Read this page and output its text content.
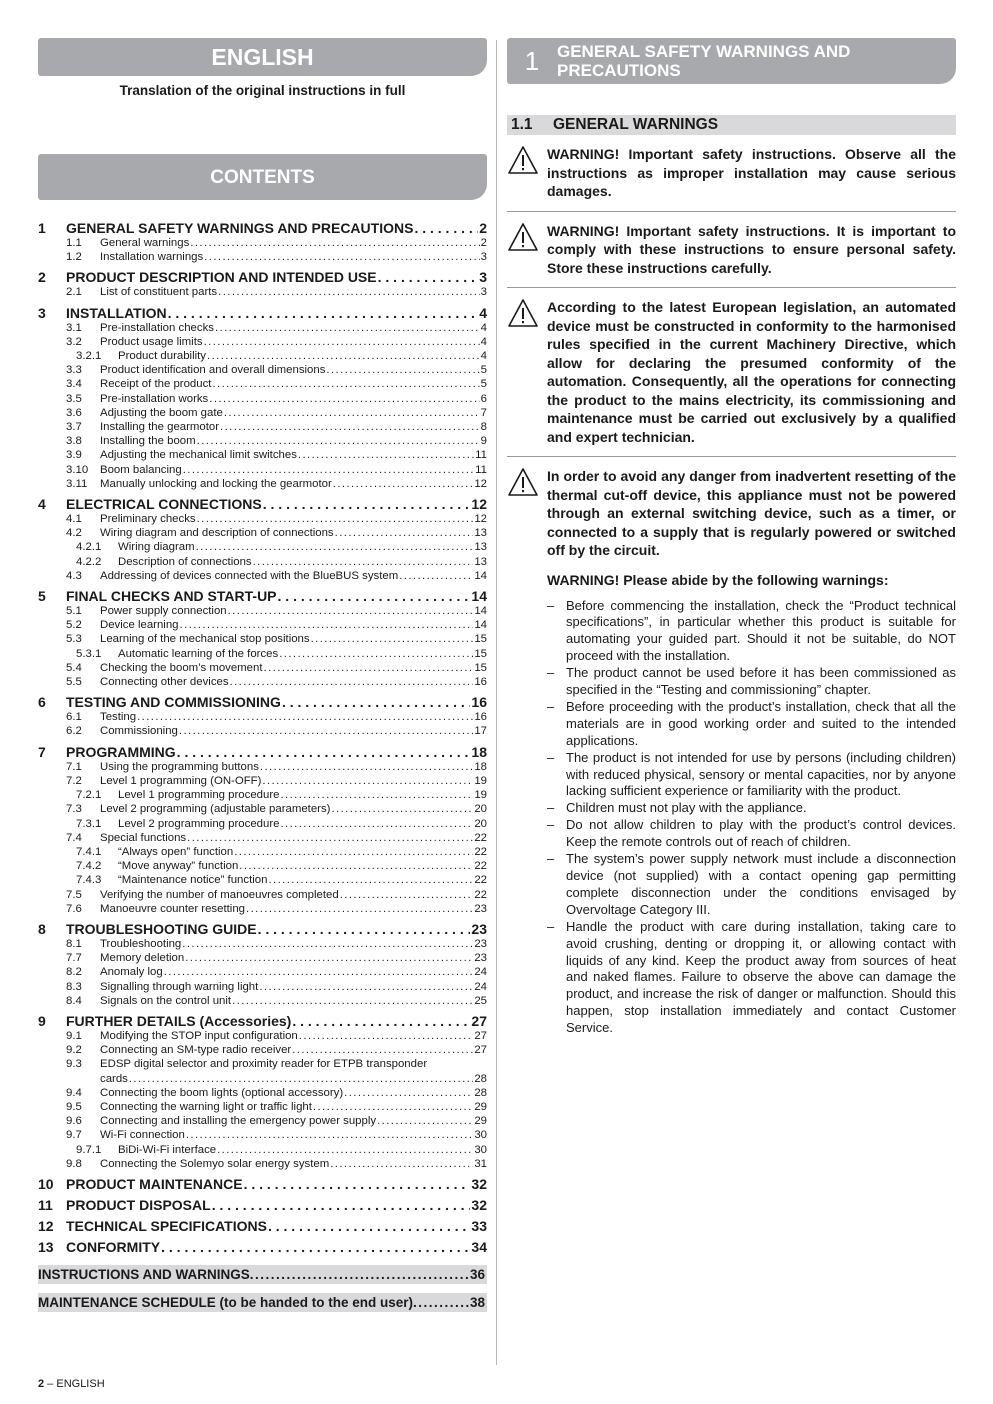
ENGLISH
Translation of the original instructions in full
CONTENTS
1	GENERAL SAFETY WARNINGS AND PRECAUTIONS . . .	2
1.1	General warnings .....	2
1.2	Installation warnings .....	3
2	PRODUCT DESCRIPTION AND INTENDED USE . . .	3
2.1	List of constituent parts .....	3
3	INSTALLATION . . .	4
3.1	Pre-installation checks .....	4
3.2	Product usage limits .....	4
3.2.1	Product durability .....	4
3.3	Product identification and overall dimensions .....	5
3.4	Receipt of the product .....	5
3.5	Pre-installation works .....	6
3.6	Adjusting the boom gate .....	7
3.7	Installing the gearmotor .....	8
3.8	Installing the boom .....	9
3.9	Adjusting the mechanical limit switches .....	11
3.10	Boom balancing .....	11
3.11	Manually unlocking and locking the gearmotor .....	12
4	ELECTRICAL CONNECTIONS . . .	12
4.1	Preliminary checks .....	12
4.2	Wiring diagram and description of connections .....	13
4.2.1	Wiring diagram .....	13
4.2.2	Description of connections .....	13
4.3	Addressing of devices connected with the BlueBUS system .....	14
5	FINAL CHECKS AND START-UP . . .	14
5.1	Power supply connection .....	14
5.2	Device learning .....	14
5.3	Learning of the mechanical stop positions .....	15
5.3.1	Automatic learning of the forces .....	15
5.4	Checking the boom’s movement .....	15
5.5	Connecting other devices .....	16
6	TESTING AND COMMISSIONING . . .	16
6.1	Testing .....	16
6.2	Commissioning .....	17
7	PROGRAMMING . . .	18
7.1	Using the programming buttons .....	18
7.2	Level 1 programming (ON-OFF) .....	19
7.2.1	Level 1 programming procedure .....	19
7.3	Level 2 programming (adjustable parameters) .....	20
7.3.1	Level 2 programming procedure .....	20
7.4	Special functions .....	22
7.4.1	“Always open” function .....	22
7.4.2	“Move anyway” function .....	22
7.4.3	“Maintenance notice” function .....	22
7.5	Verifying the number of manoeuvres completed .....	22
7.6	Manoeuvre counter resetting .....	23
8	TROUBLESHOOTING GUIDE . . .	23
8.1	Troubleshooting .....	23
7.7	Memory deletion .....	23
8.2	Anomaly log .....	24
8.3	Signalling through warning light .....	24
8.4	Signals on the control unit .....	25
9	FURTHER DETAILS (Accessories) . . .	27
9.1	Modifying the STOP input configuration .....	27
9.2	Connecting an SM-type radio receiver .....	27
9.3	EDSP digital selector and proximity reader for ETPB transponder
cards .....	28
9.4	Connecting the boom lights (optional accessory) .....	28
9.5	Connecting the warning light or traffic light .....	29
9.6	Connecting and installing the emergency power supply .....	29
9.7	Wi-Fi connection .....	30
9.7.1	BiDi-Wi-Fi interface .....	30
9.8	Connecting the Solemyo solar energy system .....	31
10 PRODUCT MAINTENANCE . . .	32
11 PRODUCT DISPOSAL . . .	32
12 TECHNICAL SPECIFICATIONS . . .	33
13 CONFORMITY . . .	34
INSTRUCTIONS AND WARNINGS .....	36
MAINTENANCE SCHEDULE (to be handed to the end user) .....	38
1	GENERAL SAFETY WARNINGS AND PRECAUTIONS
1.1	GENERAL WARNINGS
WARNING! Important safety instructions. Observe all the instructions as improper installation may cause serious damages.
WARNING! Important safety instructions. It is important to comply with these instructions to ensure personal safety. Store these instructions carefully.
According to the latest European legislation, an automated device must be constructed in conformity to the harmonised rules specified in the current Machinery Directive, which allow for declaring the presumed conformity of the automation. Consequently, all the operations for connecting the product to the mains electricity, its commissioning and maintenance must be carried out exclusively by a qualified and expert technician.
In order to avoid any danger from inadvertent resetting of the thermal cut-off device, this appliance must not be powered through an external switching device, such as a timer, or connected to a supply that is regularly powered or switched off by the circuit.
WARNING! Please abide by the following warnings:
– Before commencing the installation, check the “Product technical specifications”, in particular whether this product is suitable for automating your guided part. Should it not be suitable, do NOT proceed with the installation.
– The product cannot be used before it has been commissioned as specified in the “Testing and commissioning” chapter.
– Before proceeding with the product’s installation, check that all the materials are in good working order and suited to the intended applications.
– The product is not intended for use by persons (including children) with reduced physical, sensory or mental capacities, nor by anyone lacking sufficient experience or familiarity with the product.
– Children must not play with the appliance.
– Do not allow children to play with the product’s control devices. Keep the remote controls out of reach of children.
– The system’s power supply network must include a disconnection device (not supplied) with a contact opening gap permitting complete disconnection under the conditions envisaged by Overvoltage Category III.
– Handle the product with care during installation, taking care to avoid crushing, denting or dropping it, or allowing contact with liquids of any kind. Keep the product away from sources of heat and naked flames. Failure to observe the above can damage the product, and increase the risk of danger or malfunction. Should this happen, stop installation immediately and contact Customer Service.
2 – ENGLISH
